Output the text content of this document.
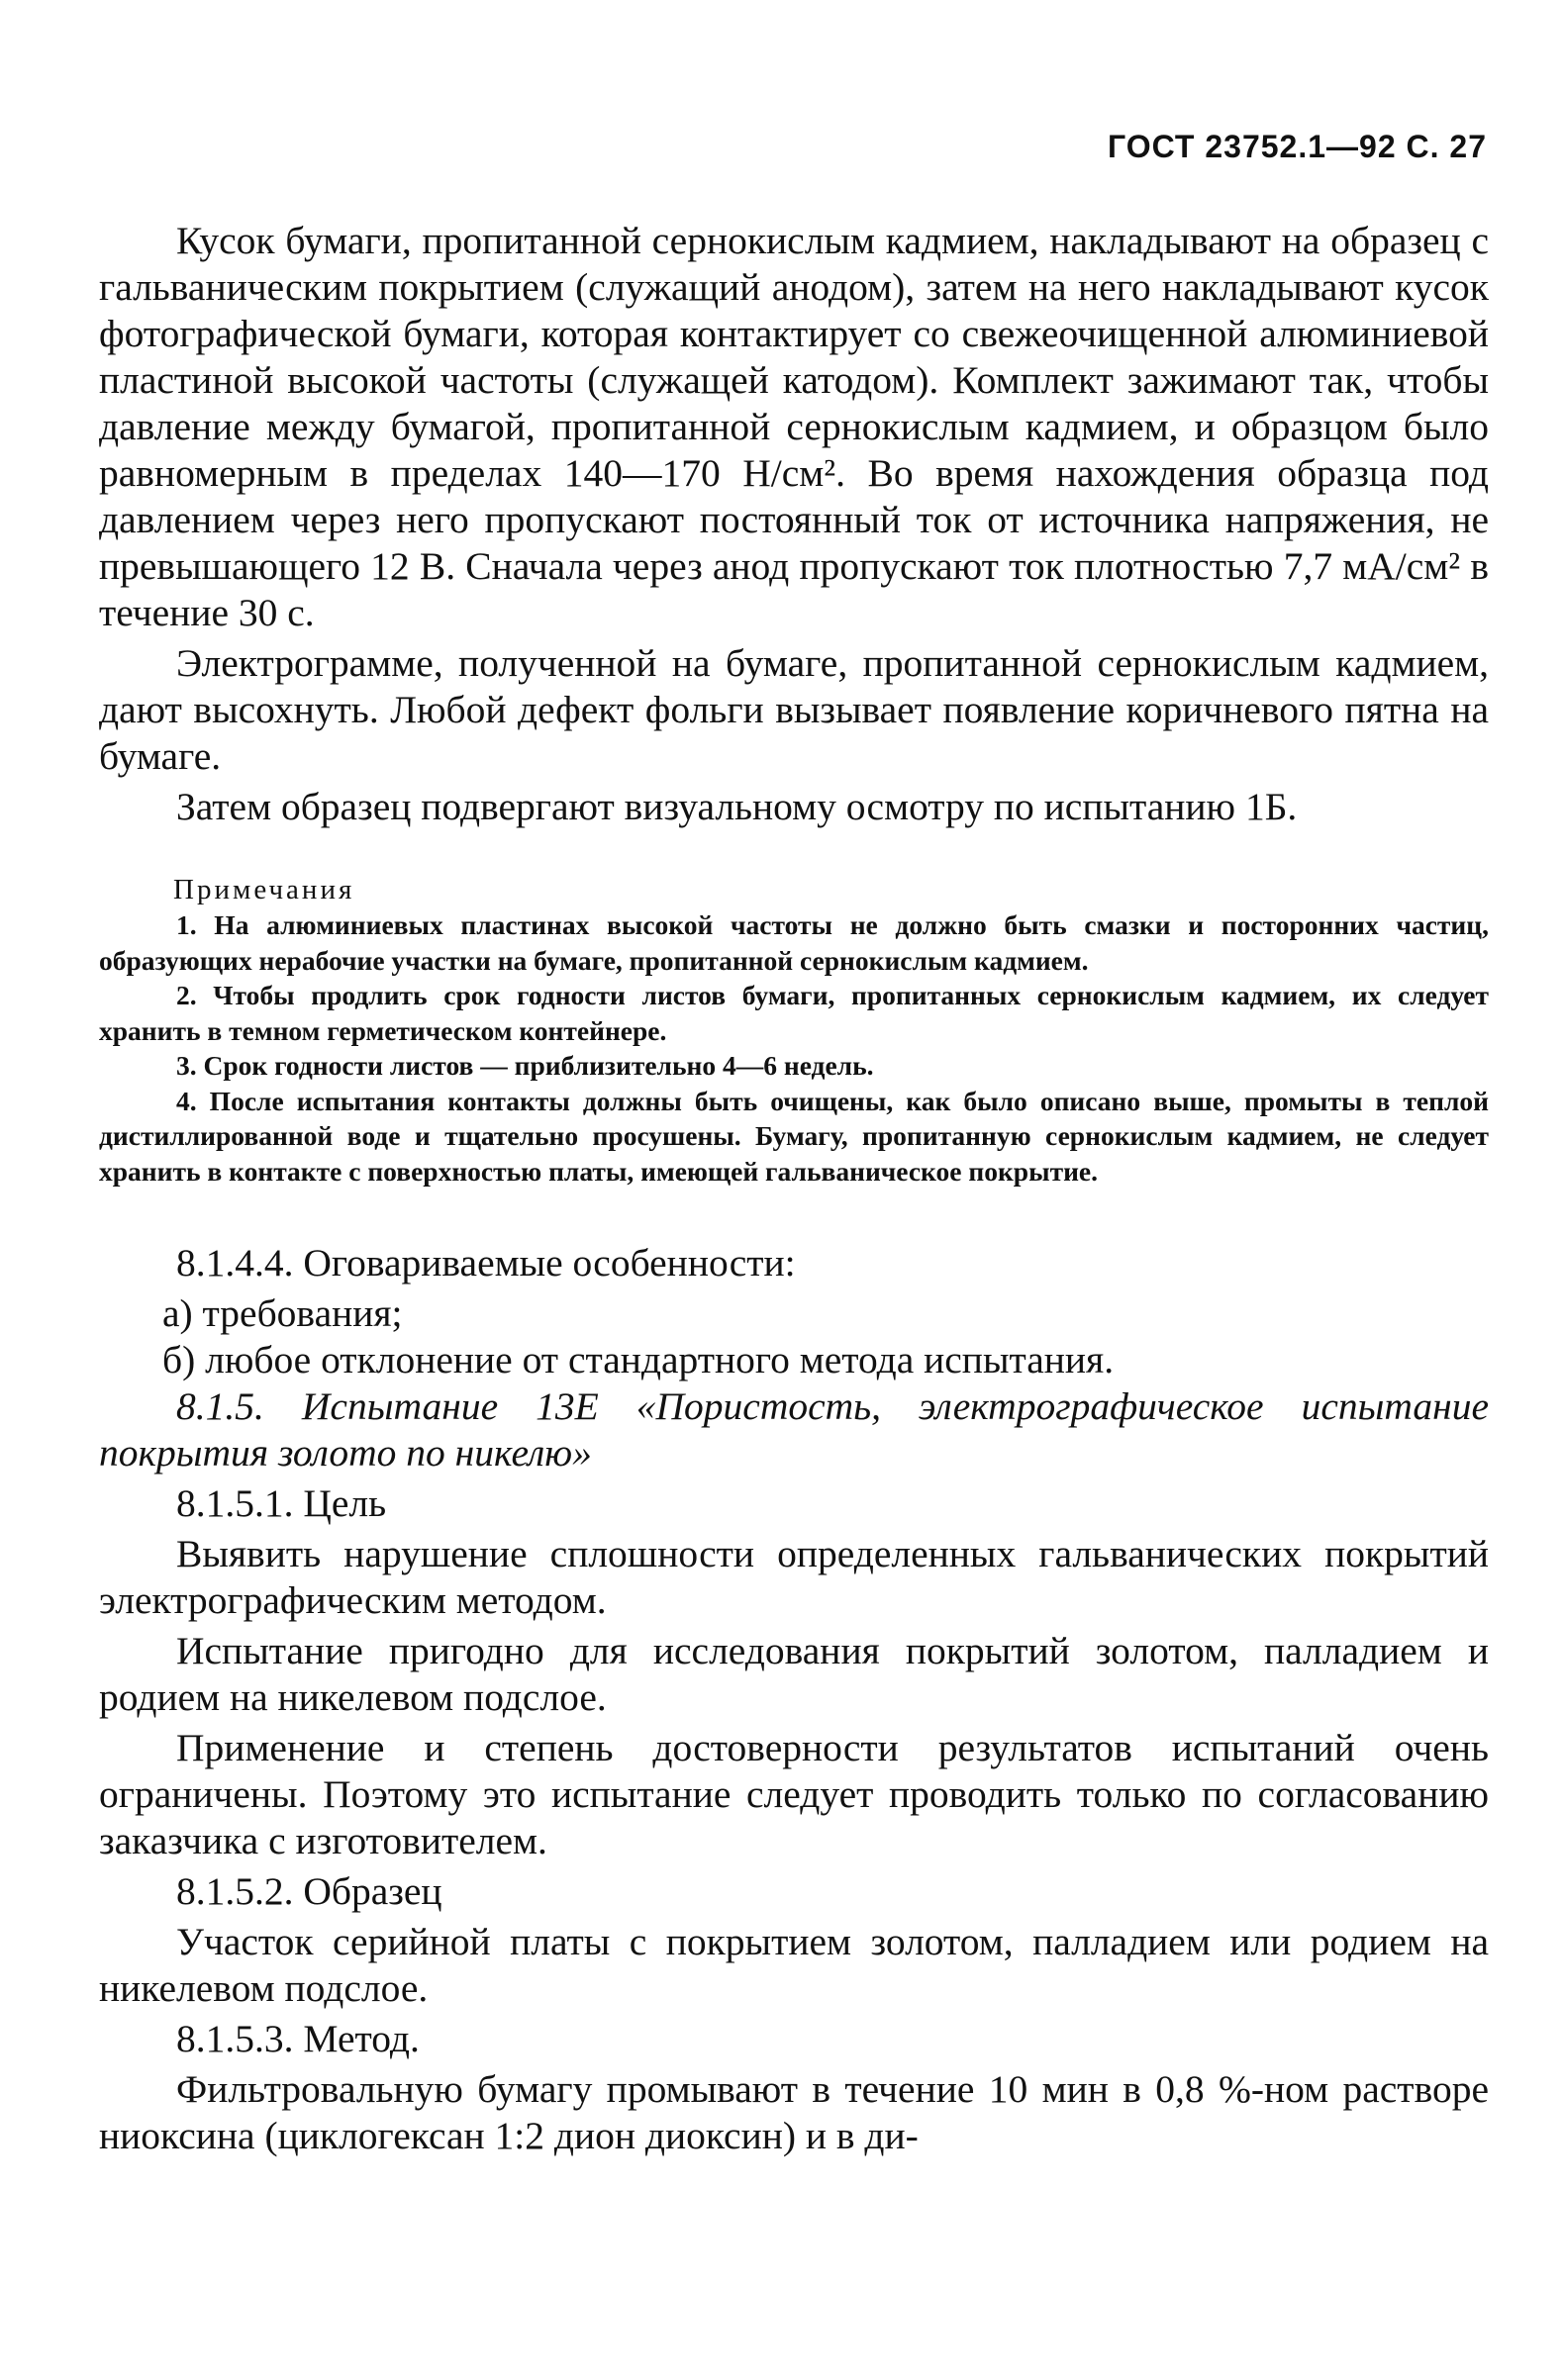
ГОСТ 23752.1—92 С. 27

Кусок бумаги, пропитанной сернокислым кадмием, накладывают на образец с гальваническим покрытием (служащий анодом), затем на него накладывают кусок фотографической бумаги, которая контактирует со свежеочищенной алюминиевой пластиной высокой частоты (служащей катодом). Комплект зажимают так, чтобы давление между бумагой, пропитанной сернокислым кадмием, и образцом было равномерным в пределах 140—170 Н/см². Во время нахождения образца под давлением через него пропускают постоянный ток от источника напряжения, не превышающего 12 В. Сначала через анод пропускают ток плотностью 7,7 мА/см² в течение 30 с.

Электрограмме, полученной на бумаге, пропитанной сернокислым кадмием, дают высохнуть. Любой дефект фольги вызывает появление коричневого пятна на бумаге.

Затем образец подвергают визуальному осмотру по испытанию 1Б.

Примечания

1. На алюминиевых пластинах высокой частоты не должно быть смазки и посторонних частиц, образующих нерабочие участки на бумаге, пропитанной сернокислым кадмием.

2. Чтобы продлить срок годности листов бумаги, пропитанных сернокислым кадмием, их следует хранить в темном герметическом контейнере.

3. Срок годности листов — приблизительно 4—6 недель.

4. После испытания контакты должны быть очищены, как было описано выше, промыты в теплой дистиллированной воде и тщательно просушены. Бумагу, пропитанную сернокислым кадмием, не следует хранить в контакте с поверхностью платы, имеющей гальваническое покрытие.

8.1.4.4. Оговариваемые особенности:

а) требования;

б) любое отклонение от стандартного метода испытания.

8.1.5. Испытание 13Е «Пористость, электрографическое испытание покрытия золото по никелю»

8.1.5.1. Цель

Выявить нарушение сплошности определенных гальванических покрытий электрографическим методом.

Испытание пригодно для исследования покрытий золотом, палладием и родием на никелевом подслое.

Применение и степень достоверности результатов испытаний очень ограничены. Поэтому это испытание следует проводить только по согласованию заказчика с изготовителем.

8.1.5.2. Образец

Участок серийной платы с покрытием золотом, палладием или родием на никелевом подслое.

8.1.5.3. Метод.

Фильтровальную бумагу промывают в течение 10 мин в 0,8 %-ном растворе ниоксина (циклогексан 1:2 дион диоксин) и в ди-
